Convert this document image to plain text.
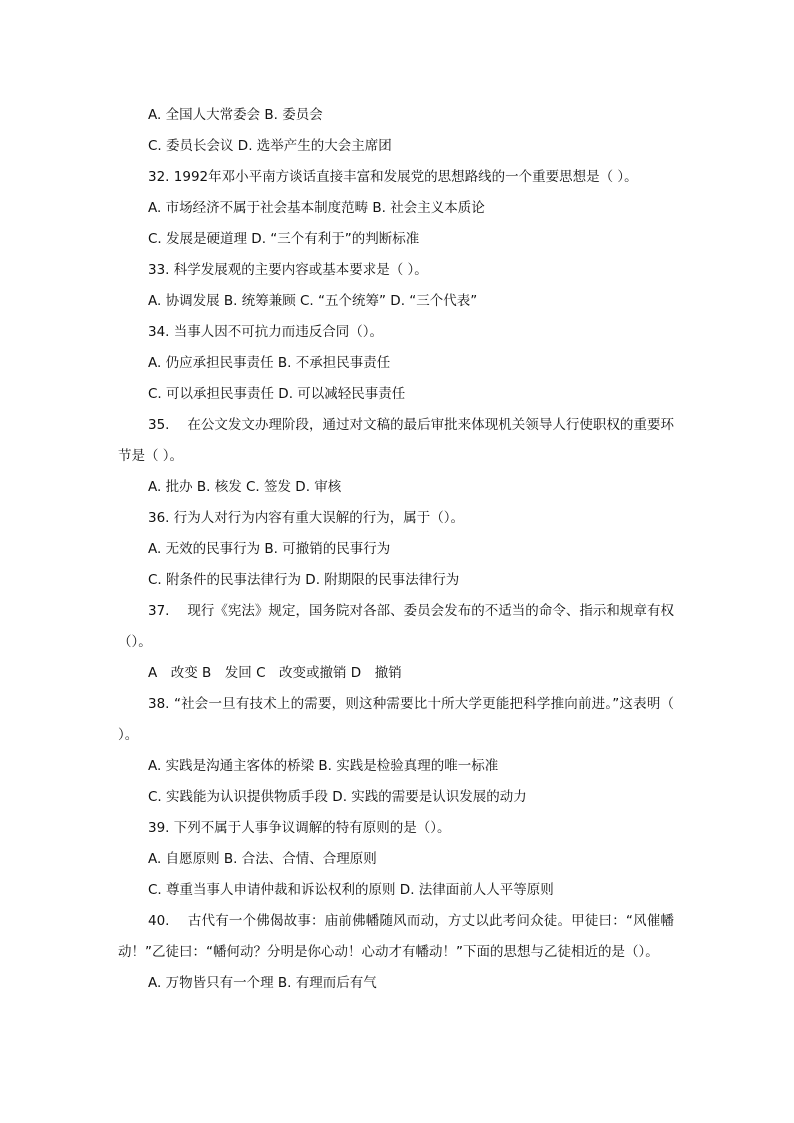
A. 全国人大常委会 B. 委员会
C. 委员长会议 D. 选举产生的大会主席团
32. 1992年邓小平南方谈话直接丰富和发展党的思想路线的一个重要思想是（ ）。
A. 市场经济不属于社会基本制度范畴 B. 社会主义本质论
C. 发展是硬道理 D. “三个有利于”的判断标准
33. 科学发展观的主要内容或基本要求是（ ）。
A. 协调发展 B. 统筹兼顾 C. “五个统筹” D. “三个代表”
34. 当事人因不可抗力而违反合同（）。
A. 仍应承担民事责任 B. 不承担民事责任
C. 可以承担民事责任 D. 可以减轻民事责任
35.　 在公文发文办理阶段，通过对文稿的最后审批来体现机关领导人行使职权的重要环节是（ ）。
A. 批办 B. 核发 C. 签发 D. 审核
36. 行为人对行为内容有重大误解的行为，属于（）。
A. 无效的民事行为 B. 可撤销的民事行为
C. 附条件的民事法律行为 D. 附期限的民事法律行为
37.　 现行《宪法》规定，国务院对各部、委员会发布的不适当的命令、指示和规章有权（）。
A　改变 B　发回 C　改变或撤销 D　撤销
38. “社会一旦有技术上的需要，则这种需要比十所大学更能把科学推向前进。”这表明（ ）。
A. 实践是沟通主客体的桥梁 B. 实践是检验真理的唯一标准
C. 实践能为认识提供物质手段 D. 实践的需要是认识发展的动力
39. 下列不属于人事争议调解的特有原则的是（）。
A. 自愿原则 B. 合法、合情、合理原则
C. 尊重当事人申请仲裁和诉讼权利的原则 D. 法律面前人人平等原则
40.　 古代有一个佛偈故事：庙前佛幡随风而动，方丈以此考问众徒。甲徒曰：“风催幡动！”乙徒曰：“幡何动？分明是你心动！心动才有幡动！”下面的思想与乙徒相近的是（）。
A. 万物皆只有一个理 B. 有理而后有气
